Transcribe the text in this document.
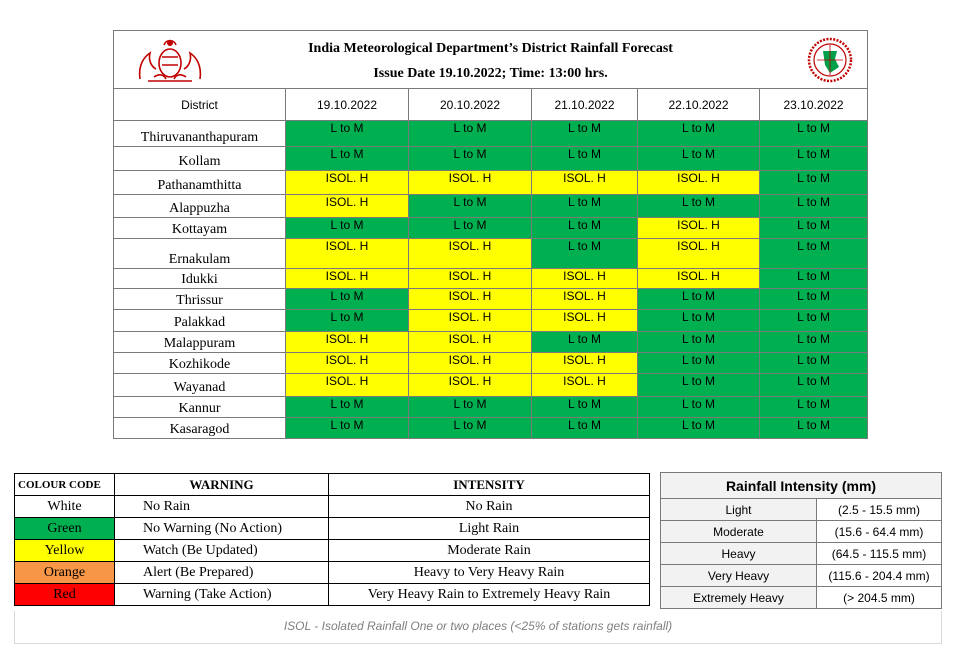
India Meteorological Department’s District Rainfall Forecast
Issue Date 19.10.2022; Time: 13:00 hrs.					

District	19.10.2022	20.10.2022	21.10.2022	22.10.2022	23.10.2022
Thiruvananthapuram	L to M	L to M	L to M	L to M	L to M
Kollam	L to M	L to M	L to M	L to M	L to M
Pathanamthitta	ISOL. H	ISOL. H	ISOL. H	ISOL. H	L to M
Alappuzha	ISOL. H	L to M	L to M	L to M	L to M
Kottayam	L to M	L to M	L to M	ISOL. H	L to M
Ernakulam	ISOL. H	ISOL. H	L to M	ISOL. H	L to M
Idukki	ISOL. H	ISOL. H	ISOL. H	ISOL. H	L to M
Thrissur	L to M	ISOL. H	ISOL. H	L to M	L to M
Palakkad	L to M	ISOL. H	ISOL. H	L to M	L to M
Malappuram	ISOL. H	ISOL. H	L to M	L to M	L to M
Kozhikode	ISOL. H	ISOL. H	ISOL. H	L to M	L to M
Wayanad	ISOL. H	ISOL. H	ISOL. H	L to M	L to M
Kannur	L to M	L to M	L to M	L to M	L to M
Kasaragod	L to M	L to M	L to M	L to M	L to M
COLOUR CODE	WARNING	INTENSITY
White	No Rain	No Rain
Green	No Warning (No Action)	Light Rain
Yellow	Watch (Be Updated)	Moderate Rain
Orange	Alert (Be Prepared)	Heavy to Very Heavy Rain
Red	Warning (Take Action)	Very Heavy Rain to Extremely Heavy Rain
Rainfall Intensity (mm)	
Light	(2.5 - 15.5 mm)
Moderate	(15.6 - 64.4 mm)
Heavy	(64.5 - 115.5 mm)
Very Heavy	(115.6 - 204.4 mm)
Extremely Heavy	(> 204.5 mm)
ISOL - Isolated Rainfall One or two places (<25% of stations gets rainfall)
